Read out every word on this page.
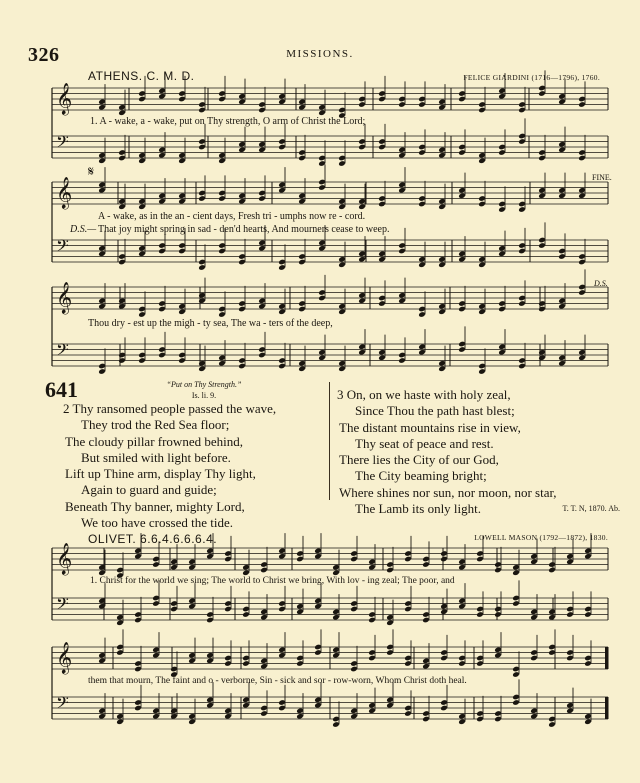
326	MISSIONS.
ATHENS. C. M. D.	FELICE GIARDINI (1716—1796), 1760.
𝄞
𝄢
𝄞
𝄢
𝄞
𝄢
𝄞
𝄢
𝄞
𝄢
1. A - wake, a - wake, put on Thy strength, O arm of Christ the Lord;
𝄋	FINE.
A - wake, as in the an - cient days, Fresh tri - umphs now re - cord.
D.S.— That joy might spring in sad - den'd hearts, And mourners cease to weep.
D.S.
Thou dry - est up the migh - ty sea, The wa - ters of the deep,
641	“Put on Thy Strength.”
Is. li. 9.
2 Thy ransomed people passed the wave,
They trod the Red Sea floor;
The cloudy pillar frowned behind,
But smiled with light before.
Lift up Thine arm, display Thy light,
Again to guard and guide;
Beneath Thy banner, mighty Lord,
We too have crossed the tide.
3 On, on we haste with holy zeal,
Since Thou the path hast blest;
The distant mountains rise in view,
Thy seat of peace and rest.
There lies the City of our God,
The City beaming bright;
Where shines nor sun, nor moon, nor star,
The Lamb its only light.	T. T. N, 1870. Ab.
OLIVET. 6.6.4.6.6.6.4.	LOWELL MASON (1792—1872), 1830.
1. Christ for the world we sing; The world to Christ we bring, With lov - ing zeal; The poor, and
them that mourn, The faint and o - verborne, Sin - sick and sor - row-worn, Whom Christ doth heal.
